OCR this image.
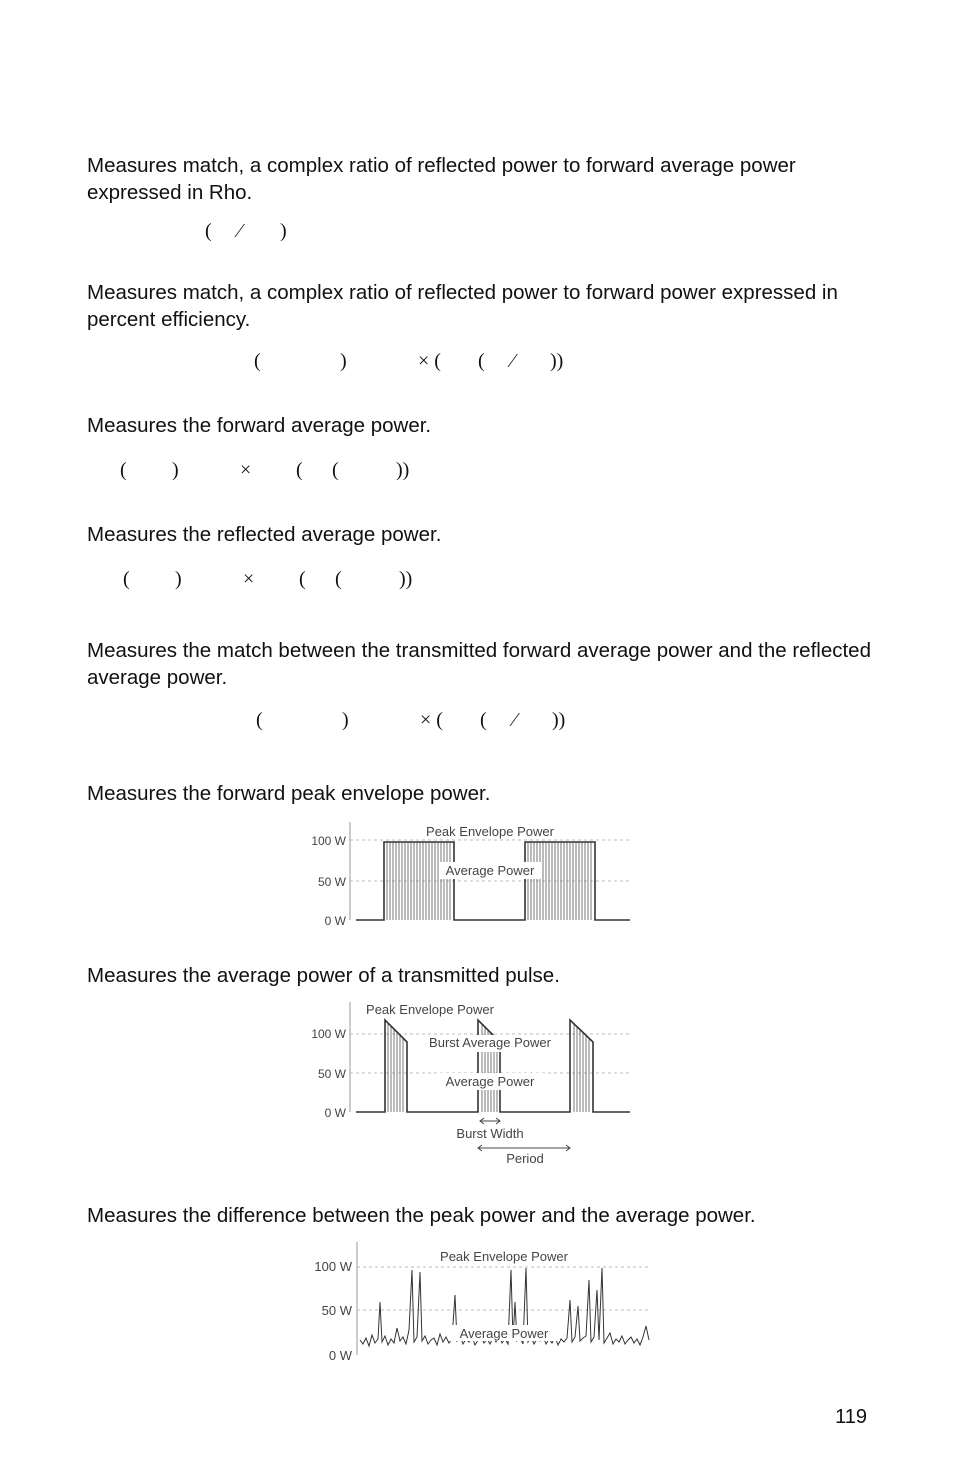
Measures match, a complex ratio of reflected power to forward average power expressed in Rho.

( ⁄ )

Measures match, a complex ratio of reflected power to forward power expressed in percent efficiency.

(	)	× ( ( ⁄ ))

Measures the forward average power.

( )	× ( (	))

Measures the reflected average power.

( )	× ( (	))

Measures the match between the transmitted forward average power and the reflected average power.

(	)	× ( ( ⁄ ))

Measures the forward peak envelope power.

100 W
50 W
0 W
Peak Envelope Power
Average Power

Measures the average power of a transmitted pulse.

100 W
50 W
0 W
Peak Envelope Power
Burst Average Power
Average Power
Burst Width
Period

Measures the difference between the peak power and the average power.

100 W
50 W
0 W
Peak Envelope Power
Average Power
119
